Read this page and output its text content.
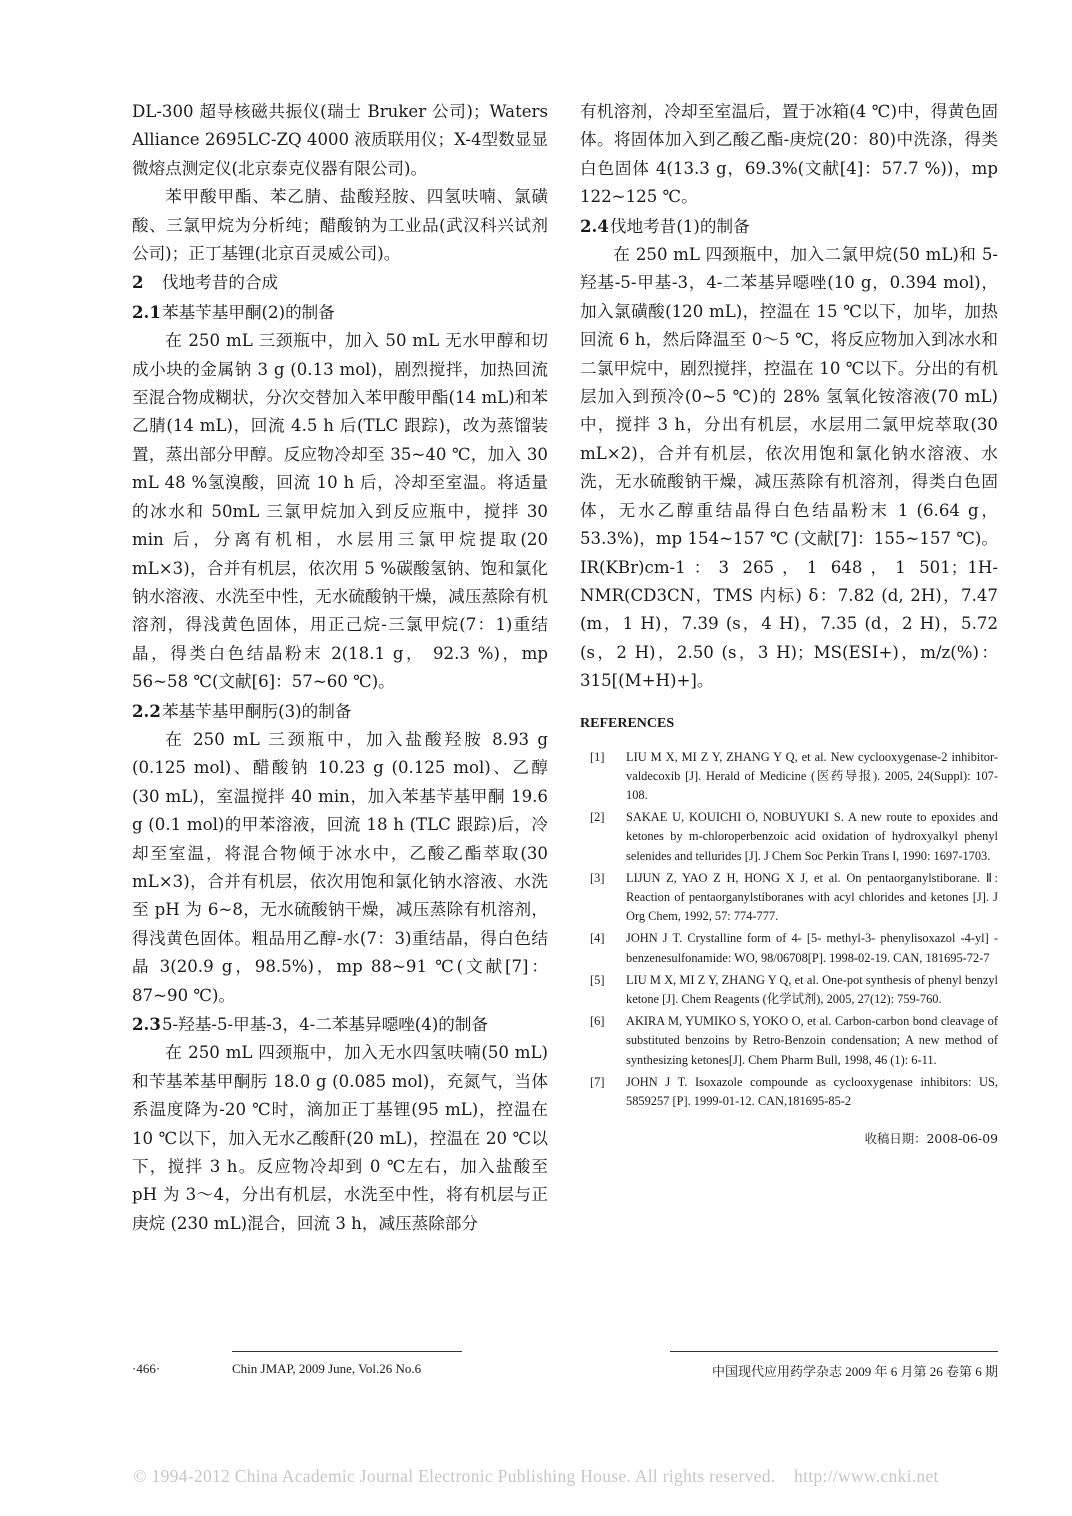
DL-300 超导核磁共振仪(瑞士 Bruker 公司)；Waters Alliance 2695LC-ZQ 4000 液质联用仪；X-4型数显显微熔点测定仪(北京泰克仪器有限公司)。

苯甲酸甲酯、苯乙腈、盐酸羟胺、四氢呋喃、氯磺酸、三氯甲烷为分析纯；醋酸钠为工业品(武汉科兴试剂公司)；正丁基锂(北京百灵威公司)。

2 伐地考昔的合成
2.1苯基苄基甲酮(2)的制备

在 250 mL 三颈瓶中，加入 50 mL 无水甲醇和切成小块的金属钠 3 g (0.13 mol)，剧烈搅拌，加热回流至混合物成糊状，分次交替加入苯甲酸甲酯(14 mL)和苯乙腈(14 mL)，回流 4.5 h 后(TLC 跟踪)，改为蒸馏装置，蒸出部分甲醇。反应物冷却至 35~40 ℃，加入 30 mL 48 %氢溴酸，回流 10 h 后，冷却至室温。将适量的冰水和 50mL 三氯甲烷加入到反应瓶中，搅拌 30 min 后，分离有机相，水层用三氯甲烷提取(20 mL×3)，合并有机层，依次用 5 %碳酸氢钠、饱和氯化钠水溶液、水洗至中性，无水硫酸钠干燥，减压蒸除有机溶剂，得浅黄色固体，用正己烷-三氯甲烷(7：1)重结晶，得类白色结晶粉末 2(18.1 g， 92.3 %)，mp 56~58 ℃(文献[6]：57~60 ℃)。

2.2苯基苄基甲酮肟(3)的制备

在 250 mL 三颈瓶中，加入盐酸羟胺 8.93 g (0.125 mol)、醋酸钠 10.23 g (0.125 mol)、乙醇 (30 mL)，室温搅拌 40 min，加入苯基苄基甲酮 19.6 g (0.1 mol)的甲苯溶液，回流 18 h (TLC 跟踪)后，冷却至室温，将混合物倾于冰水中，乙酸乙酯萃取(30 mL×3)，合并有机层，依次用饱和氯化钠水溶液、水洗至 pH 为 6~8，无水硫酸钠干燥，减压蒸除有机溶剂，得浅黄色固体。粗品用乙醇-水(7：3)重结晶，得白色结晶 3(20.9 g，98.5%)，mp 88~91 ℃(文献[7]：87~90 ℃)。

2.35-羟基-5-甲基-3，4-二苯基异噁唑(4)的制备

在 250 mL 四颈瓶中，加入无水四氢呋喃(50 mL)和苄基苯基甲酮肟 18.0 g (0.085 mol)，充氮气，当体系温度降为-20 ℃时，滴加正丁基锂(95 mL)，控温在 10 ℃以下，加入无水乙酸酐(20 mL)，控温在 20 ℃以下，搅拌 3 h。反应物冷却到 0 ℃左右，加入盐酸至 pH 为 3～4，分出有机层，水洗至中性，将有机层与正庚烷 (230 mL)混合，回流 3 h，减压蒸除部分

有机溶剂，冷却至室温后，置于冰箱(4 ℃)中，得黄色固体。将固体加入到乙酸乙酯-庚烷(20：80)中洗涤，得类白色固体 4(13.3 g，69.3%(文献[4]：57.7 %))，mp 122~125 ℃。

2.4伐地考昔(1)的制备

在 250 mL 四颈瓶中，加入二氯甲烷(50 mL)和 5-羟基-5-甲基-3，4-二苯基异噁唑(10 g，0.394 mol)，加入氯磺酸(120 mL)，控温在 15 ℃以下，加毕，加热回流 6 h，然后降温至 0～5 ℃，将反应物加入到冰水和二氯甲烷中，剧烈搅拌，控温在 10 ℃以下。分出的有机层加入到预冷(0~5 ℃)的 28% 氢氧化铵溶液(70 mL)中，搅拌 3 h，分出有机层，水层用二氯甲烷萃取(30 mL×2)，合并有机层，依次用饱和氯化钠水溶液、水洗，无水硫酸钠干燥，减压蒸除有机溶剂，得类白色固体，无水乙醇重结晶得白色结晶粉末 1 (6.64 g，53.3%)，mp 154~157 ℃ (文献[7]：155~157 ℃)。IR(KBr)cm-1：3 265，1 648，1 501；1H-NMR(CD3CN，TMS 内标) δ：7.82 (d, 2H)，7.47 (m，1 H)，7.39 (s，4 H)，7.35 (d，2 H)，5.72 (s，2 H)，2.50 (s，3 H)；MS(ESI+)，m/z(%)：315[(M+H)+]。

REFERENCES
[1]	LIU M X, MI Z Y, ZHANG Y Q, et al. New cyclooxygenase-2 inhibitor-valdecoxib [J]. Herald of Medicine (医药导报). 2005, 24(Suppl): 107-108.
[2]	SAKAE U, KOUICHI O, NOBUYUKI S. A new route to epoxides and ketones by m-chloroperbenzoic acid oxidation of hydroxyalkyl phenyl selenides and tellurides [J]. J Chem Soc Perkin Trans Ⅰ, 1990: 1697-1703.
[3]	LIJUN Z, YAO Z H, HONG X J, et al. On pentaorganylstiborane. Ⅱ: Reaction of pentaorganylstiboranes with acyl chlorides and ketones [J]. J Org Chem, 1992, 57: 774-777.
[4]	JOHN J T. Crystalline form of 4- [5- methyl-3- phenylisoxazol -4-yl] -benzenesulfonamide: WO, 98/06708[P]. 1998-02-19. CAN, 181695-72-7
[5]	LIU M X, MI Z Y, ZHANG Y Q, et al. One-pot synthesis of phenyl benzyl ketone [J]. Chem Reagents (化学试剂), 2005, 27(12): 759-760.
[6]	AKIRA M, YUMIKO S, YOKO O, et al. Carbon-carbon bond cleavage of substituted benzoins by Retro-Benzoin condensation; A new method of synthesizing ketones[J]. Chem Pharm Bull, 1998, 46 (1): 6-11.
[7]	JOHN J T. Isoxazole compounde as cyclooxygenase inhibitors: US, 5859257 [P]. 1999-01-12. CAN,181695-85-2
收稿日期：2008-06-09
·466·	Chin JMAP, 2009 June, Vol.26 No.6	中国现代应用药学杂志 2009 年 6 月第 26 卷第 6 期
© 1994-2012 China Academic Journal Electronic Publishing House. All rights reserved.    http://www.cnki.net
